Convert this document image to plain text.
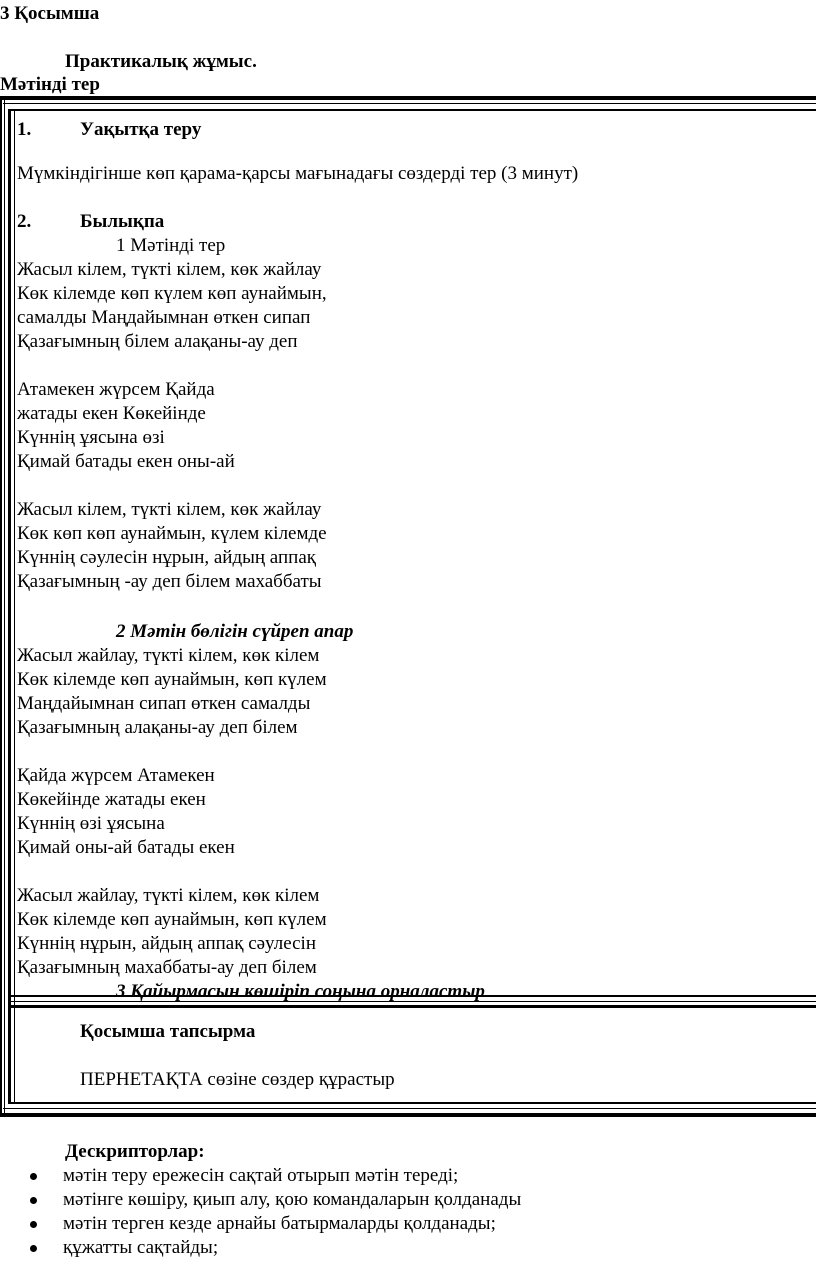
3 Қосымша
Практикалық жұмыс.
Мәтінді тер
1.	Уақытқа теру
Мүмкіндігінше көп қарама-қарсы мағынадағы сөздерді тер (3 минут)
2.	Былықпа
1 Мәтінді тер
Жасыл кілем, түкті кілем, көк жайлау
Көк кілемде көп күлем көп аунаймын,
самалды Маңдайымнан өткен сипап
Қазағымның білем алақаны-ау деп
Атамекен жүрсем Қайда
жатады екен Көкейінде
Күннің ұясына өзі
Қимай батады екен оны-ай
Жасыл кілем, түкті кілем, көк жайлау
Көк көп көп аунаймын, күлем кілемде
Күннің сәулесін нұрын, айдың аппақ
Қазағымның -ау деп білем махаббаты
2 Мәтін бөлігін сүйреп апар
Жасыл жайлау, түкті кілем, көк кілем
Көк кілемде көп аунаймын, көп күлем
Маңдайымнан сипап өткен самалды
Қазағымның алақаны-ау деп білем
Қайда жүрсем Атамекен
Көкейінде жатады екен
Күннің өзі ұясына
Қимай оны-ай батады екен
Жасыл жайлау, түкті кілем, көк кілем
Көк кілемде көп аунаймын, көп күлем
Күннің нұрын, айдың аппақ сәулесін
Қазағымның махаббаты-ау деп білем
3 Қайырмасын көшіріп соңына орналастыр
Қосымша тапсырма
ПЕРНЕТАҚТА сөзіне сөздер құрастыр
Дескрипторлар:
мәтін теру ережесін сақтай отырып мәтін тереді;
мәтінге көшіру, қиып алу, қою командаларын қолданады
мәтін терген кезде арнайы батырмаларды қолданады;
құжатты сақтайды;
